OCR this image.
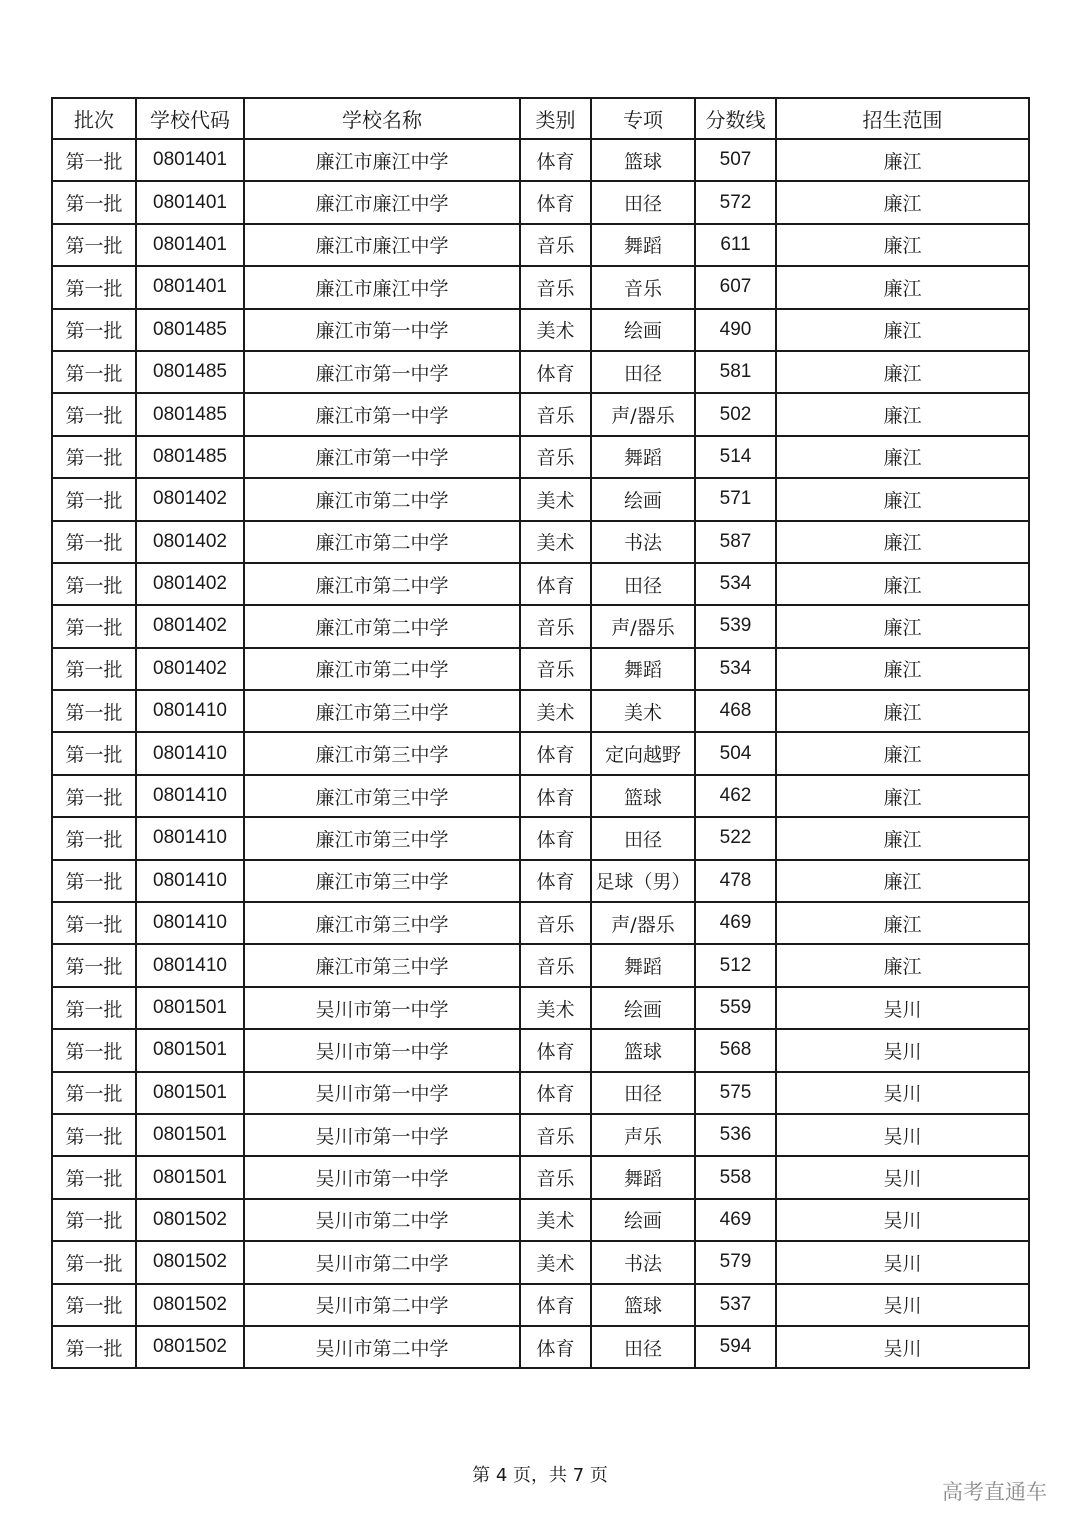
批次	学校代码	学校名称	类别	专项	分数线	招生范围
第一批	0801401	廉江市廉江中学	体育	篮球	507	廉江
第一批	0801401	廉江市廉江中学	体育	田径	572	廉江
第一批	0801401	廉江市廉江中学	音乐	舞蹈	611	廉江
第一批	0801401	廉江市廉江中学	音乐	音乐	607	廉江
第一批	0801485	廉江市第一中学	美术	绘画	490	廉江
第一批	0801485	廉江市第一中学	体育	田径	581	廉江
第一批	0801485	廉江市第一中学	音乐	声/器乐	502	廉江
第一批	0801485	廉江市第一中学	音乐	舞蹈	514	廉江
第一批	0801402	廉江市第二中学	美术	绘画	571	廉江
第一批	0801402	廉江市第二中学	美术	书法	587	廉江
第一批	0801402	廉江市第二中学	体育	田径	534	廉江
第一批	0801402	廉江市第二中学	音乐	声/器乐	539	廉江
第一批	0801402	廉江市第二中学	音乐	舞蹈	534	廉江
第一批	0801410	廉江市第三中学	美术	美术	468	廉江
第一批	0801410	廉江市第三中学	体育	定向越野	504	廉江
第一批	0801410	廉江市第三中学	体育	篮球	462	廉江
第一批	0801410	廉江市第三中学	体育	田径	522	廉江
第一批	0801410	廉江市第三中学	体育	足球（男）	478	廉江
第一批	0801410	廉江市第三中学	音乐	声/器乐	469	廉江
第一批	0801410	廉江市第三中学	音乐	舞蹈	512	廉江
第一批	0801501	吴川市第一中学	美术	绘画	559	吴川
第一批	0801501	吴川市第一中学	体育	篮球	568	吴川
第一批	0801501	吴川市第一中学	体育	田径	575	吴川
第一批	0801501	吴川市第一中学	音乐	声乐	536	吴川
第一批	0801501	吴川市第一中学	音乐	舞蹈	558	吴川
第一批	0801502	吴川市第二中学	美术	绘画	469	吴川
第一批	0801502	吴川市第二中学	美术	书法	579	吴川
第一批	0801502	吴川市第二中学	体育	篮球	537	吴川
第一批	0801502	吴川市第二中学	体育	田径	594	吴川
第 4 页，共 7 页
高考直通车
